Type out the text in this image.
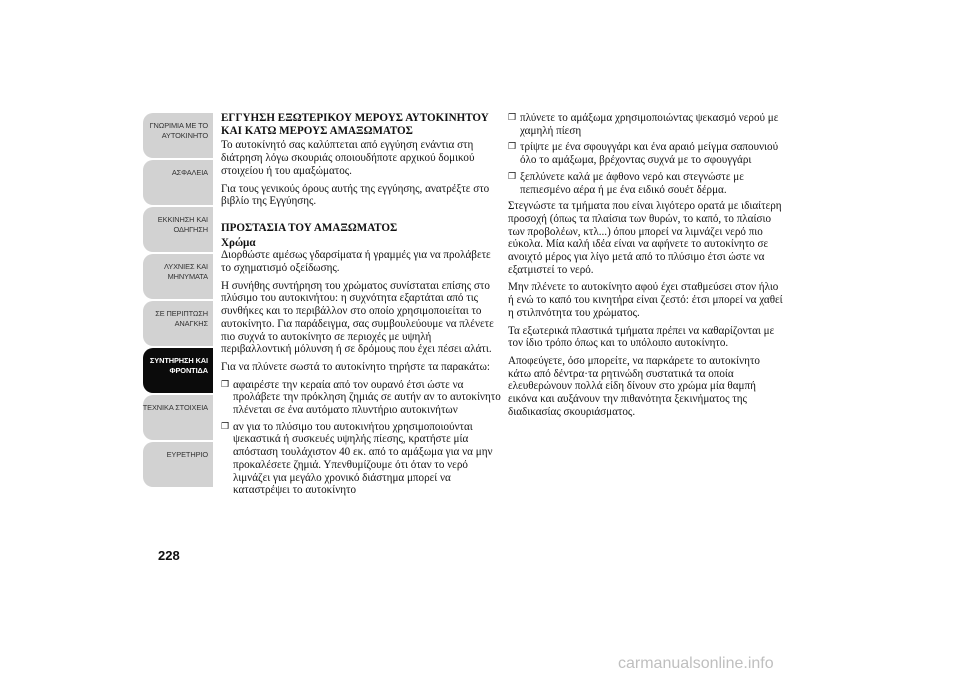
ΓΝΩΡΙΜΙΑ ΜΕ ΤΟ
ΑΥΤΟΚΙΝΗΤΟ
ΑΣΦΑΛΕΙΑ
ΕΚΚΙΝΗΣΗ ΚΑΙ
ΟΔΗΓΗΣΗ
ΛΥΧΝΙΕΣ ΚΑΙ
ΜΗΝΥΜΑΤΑ
ΣΕ ΠΕΡΙΠΤΩΣΗ
ΑΝΑΓΚΗΣ
ΣΥΝΤΗΡΗΣΗ ΚΑΙ
ΦΡΟΝΤΙΔΑ
ΤΕΧΝΙΚΑ ΣΤΟΙΧΕΙΑ
ΕΥΡΕΤΗΡΙΟ
228
ΕΓΓΥΗΣΗ ΕΞΩΤΕΡΙΚΟΥ ΜΕΡΟΥΣ ΑΥΤΟΚΙΝΗΤΟΥ ΚΑΙ ΚΑΤΩ ΜΕΡΟΥΣ ΑΜΑΞΩΜΑΤΟΣ

Το αυτοκίνητό σας καλύπτεται από εγγύηση ενάντια στη διάτρηση λόγω σκουριάς οποιουδήποτε αρχικού δομικού στοιχείου ή του αμαξώματος.

Για τους γενικούς όρους αυτής της εγγύησης, ανατρέξτε στο βιβλίο της Εγγύησης.

ΠΡΟΣΤΑΣΙΑ ΤΟΥ ΑΜΑΞΩΜΑΤΟΣ
Χρώμα

Διορθώστε αμέσως γδαρσίματα ή γραμμές για να προλάβετε το σχηματισμό οξείδωσης.

Η συνήθης συντήρηση του χρώματος συνίσταται επίσης στο πλύσιμο του αυτοκινήτου: η συχνότητα εξαρτάται από τις συνθήκες και το περιβάλλον στο οποίο χρησιμοποιείται το αυτοκίνητο. Για παράδειγμα, σας συμβουλεύουμε να πλένετε πιο συχνά το αυτοκίνητο σε περιοχές με υψηλή περιβαλλοντική μόλυνση ή σε δρόμους που έχει πέσει αλάτι.

Για να πλύνετε σωστά το αυτοκίνητο τηρήστε τα παρακάτω:

❒ αφαιρέστε την κεραία από τον ουρανό έτσι ώστε να προλάβετε την πρόκληση ζημιάς σε αυτήν αν το αυτοκίνητο πλένεται σε ένα αυτόματο πλυντήριο αυτοκινήτων
❒ αν για το πλύσιμο του αυτοκινήτου χρησιμοποιούνται ψεκαστικά ή συσκευές υψηλής πίεσης, κρατήστε μία απόσταση τουλάχιστον 40 εκ. από το αμάξωμα για να μην προκαλέσετε ζημιά. Υπενθυμίζουμε ότι όταν το νερό λιμνάζει για μεγάλο χρονικό διάστημα μπορεί να καταστρέψει το αυτοκίνητο
❒ πλύνετε το αμάξωμα χρησιμοποιώντας ψεκασμό νερού με χαμηλή πίεση
❒ τρίψτε με ένα σφουγγάρι και ένα αραιό μείγμα σαπουνιού όλο το αμάξωμα, βρέχοντας συχνά με το σφουγγάρι
❒ ξεπλύνετε καλά με άφθονο νερό και στεγνώστε με πεπιεσμένο αέρα ή με ένα ειδικό σουέτ δέρμα.

Στεγνώστε τα τμήματα που είναι λιγότερο ορατά με ιδιαίτερη προσοχή (όπως τα πλαίσια των θυρών, το καπό, το πλαίσιο των προβολέων, κτλ...) όπου μπορεί να λιμνάζει νερό πιο εύκολα. Μία καλή ιδέα είναι να αφήνετε το αυτοκίνητο σε ανοιχτό μέρος για λίγο μετά από το πλύσιμο έτσι ώστε να εξατμιστεί το νερό.

Μην πλένετε το αυτοκίνητο αφού έχει σταθμεύσει στον ήλιο ή ενώ το καπό του κινητήρα είναι ζεστό: έτσι μπορεί να χαθεί η στιλπνότητα του χρώματος.

Τα εξωτερικά πλαστικά τμήματα πρέπει να καθαρίζονται με τον ίδιο τρόπο όπως και το υπόλοιπο αυτοκίνητο.

Αποφεύγετε, όσο μπορείτε, να παρκάρετε το αυτοκίνητο κάτω από δέντρα·τα ρητινώδη συστατικά τα οποία ελευθερώνουν πολλά είδη δίνουν στο χρώμα μία θαμπή εικόνα και αυξάνουν την πιθανότητα ξεκινήματος της διαδικασίας σκουριάσματος.

carmanualsonline.info
